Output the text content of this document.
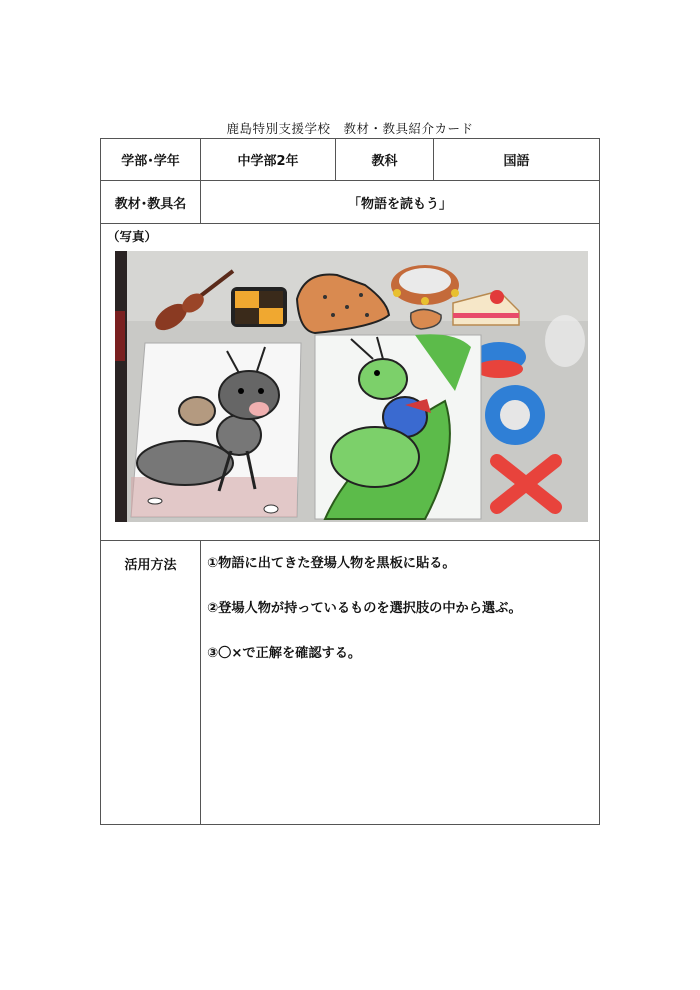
鹿島特別支援学校　教材・教具紹介カード
学部･学年	中学部2年	教科	国語
教材･教具名	「物語を読もう」		

（写真）			

活用方法	①物語に出てきた登場人物を黒板に貼る。
②登場人物が持っているものを選択肢の中から選ぶ。
③〇×で正解を確認する。		
